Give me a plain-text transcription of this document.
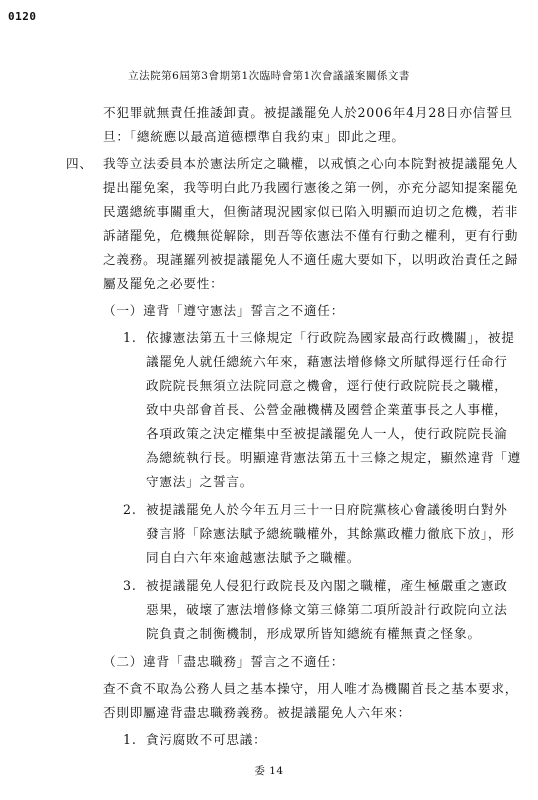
0120
立法院第6屆第3會期第1次臨時會第1次會議議案關係文書
不犯罪就無責任推諉卸責。被提議罷免人於2006年4月28日亦信誓旦
旦：「總統應以最高道德標準自我約束」即此之理。
四、 我等立法委員本於憲法所定之職權，以戒慎之心向本院對被提議罷免人
提出罷免案，我等明白此乃我國行憲後之第一例，亦充分認知提案罷免
民選總統事關重大，但衡諸現況國家似已陷入明顯而迫切之危機，若非
訴諸罷免，危機無從解除，則吾等依憲法不僅有行動之權利，更有行動
之義務。現謹羅列被提議罷免人不適任處大要如下，以明政治責任之歸
屬及罷免之必要性：
（一）違背「遵守憲法」誓言之不適任：
1. 依據憲法第五十三條規定「行政院為國家最高行政機關」，被提
議罷免人就任總統六年來，藉憲法增修條文所賦得逕行任命行
政院院長無須立法院同意之機會，逕行使行政院院長之職權，
致中央部會首長、公營金融機構及國營企業董事長之人事權，
各項政策之決定權集中至被提議罷免人一人，使行政院院長淪
為總統執行長。明顯違背憲法第五十三條之規定，顯然違背「遵
守憲法」之誓言。
2. 被提議罷免人於今年五月三十一日府院黨核心會議後明白對外
發言將「除憲法賦予總統職權外，其餘黨政權力徹底下放」，形
同自白六年來逾越憲法賦予之職權。
3. 被提議罷免人侵犯行政院長及內閣之職權，產生極嚴重之憲政
惡果，破壞了憲法增修條文第三條第二項所設計行政院向立法
院負責之制衡機制，形成眾所皆知總統有權無責之怪象。
（二）違背「盡忠職務」誓言之不適任：
查不貪不取為公務人員之基本操守，用人唯才為機關首長之基本要求，
否則即屬違背盡忠職務義務。被提議罷免人六年來：
1. 貪污腐敗不可思議：
委 14
